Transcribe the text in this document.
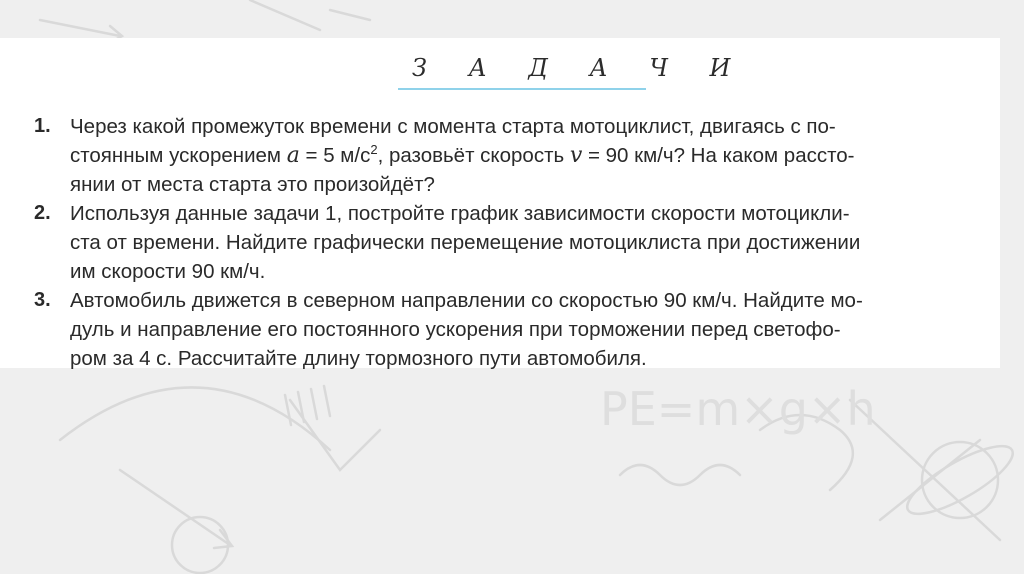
PE=m×g×h
З А Д А Ч И
1. Через какой промежуток времени с момента старта мотоциклист, двигаясь с по-
стоянным ускорением a = 5 $м/с^2$, разовьёт скорость v = 90 км/ч? На каком рассто-
янии от места старта это произойдёт?
2. Используя данные задачи 1, постройте график зависимости скорости мотоцикли-
ста от времени. Найдите графически перемещение мотоциклиста при достижении
им скорости 90 км/ч.
3. Автомобиль движется в северном направлении со скоростью 90 км/ч. Найдите мо-
дуль и направление его постоянного ускорения при торможении перед светофо-
ром за 4 с. Рассчитайте длину тормозного пути автомобиля.
